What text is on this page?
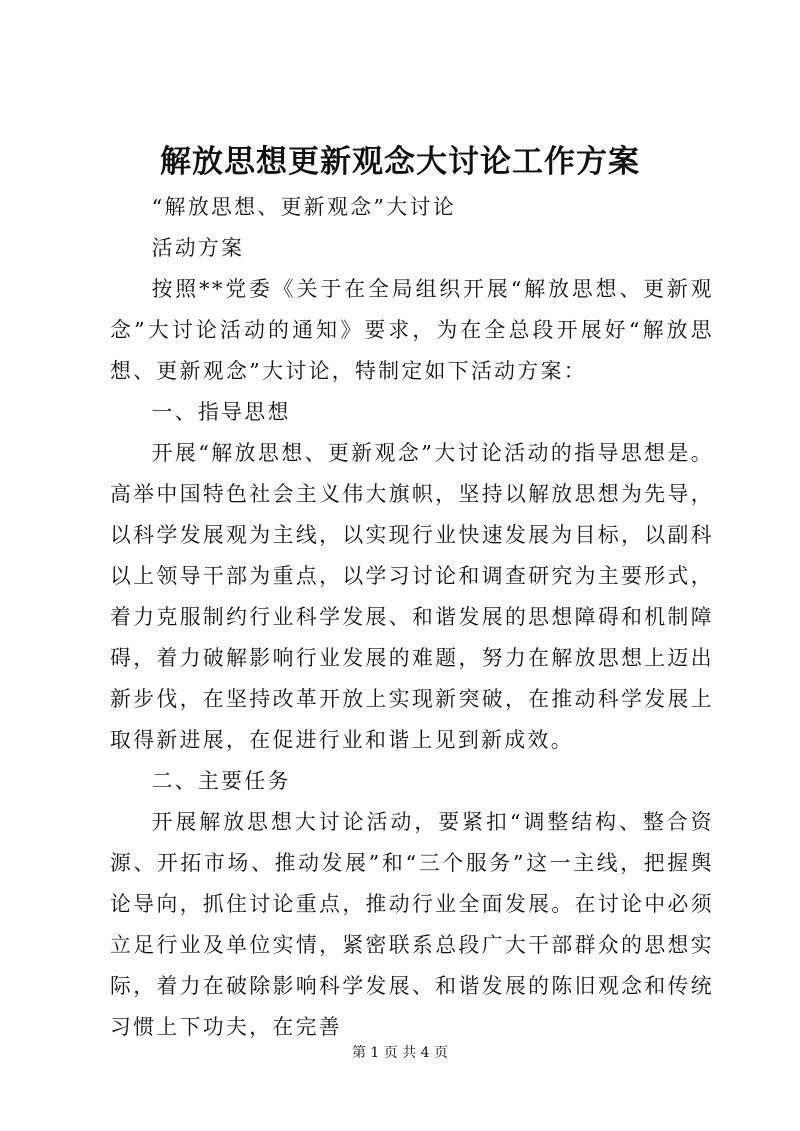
解放思想更新观念大讨论工作方案

“解放思想、更新观念”大讨论

活动方案

按照**党委《关于在全局组织开展“解放思想、更新观念”大讨论活动的通知》要求，为在全总段开展好“解放思想、更新观念”大讨论，特制定如下活动方案：

一、指导思想

开展“解放思想、更新观念”大讨论活动的指导思想是。高举中国特色社会主义伟大旗帜，坚持以解放思想为先导，以科学发展观为主线，以实现行业快速发展为目标，以副科以上领导干部为重点，以学习讨论和调查研究为主要形式，着力克服制约行业科学发展、和谐发展的思想障碍和机制障碍，着力破解影响行业发展的难题，努力在解放思想上迈出新步伐，在坚持改革开放上实现新突破，在推动科学发展上取得新进展，在促进行业和谐上见到新成效。

二、主要任务

开展解放思想大讨论活动，要紧扣“调整结构、整合资源、开拓市场、推动发展”和“三个服务”这一主线，把握舆论导向，抓住讨论重点，推动行业全面发展。在讨论中必须立足行业及单位实情，紧密联系总段广大干部群众的思想实际，着力在破除影响科学发展、和谐发展的陈旧观念和传统习惯上下功夫，在完善

第 1 页 共 4 页
